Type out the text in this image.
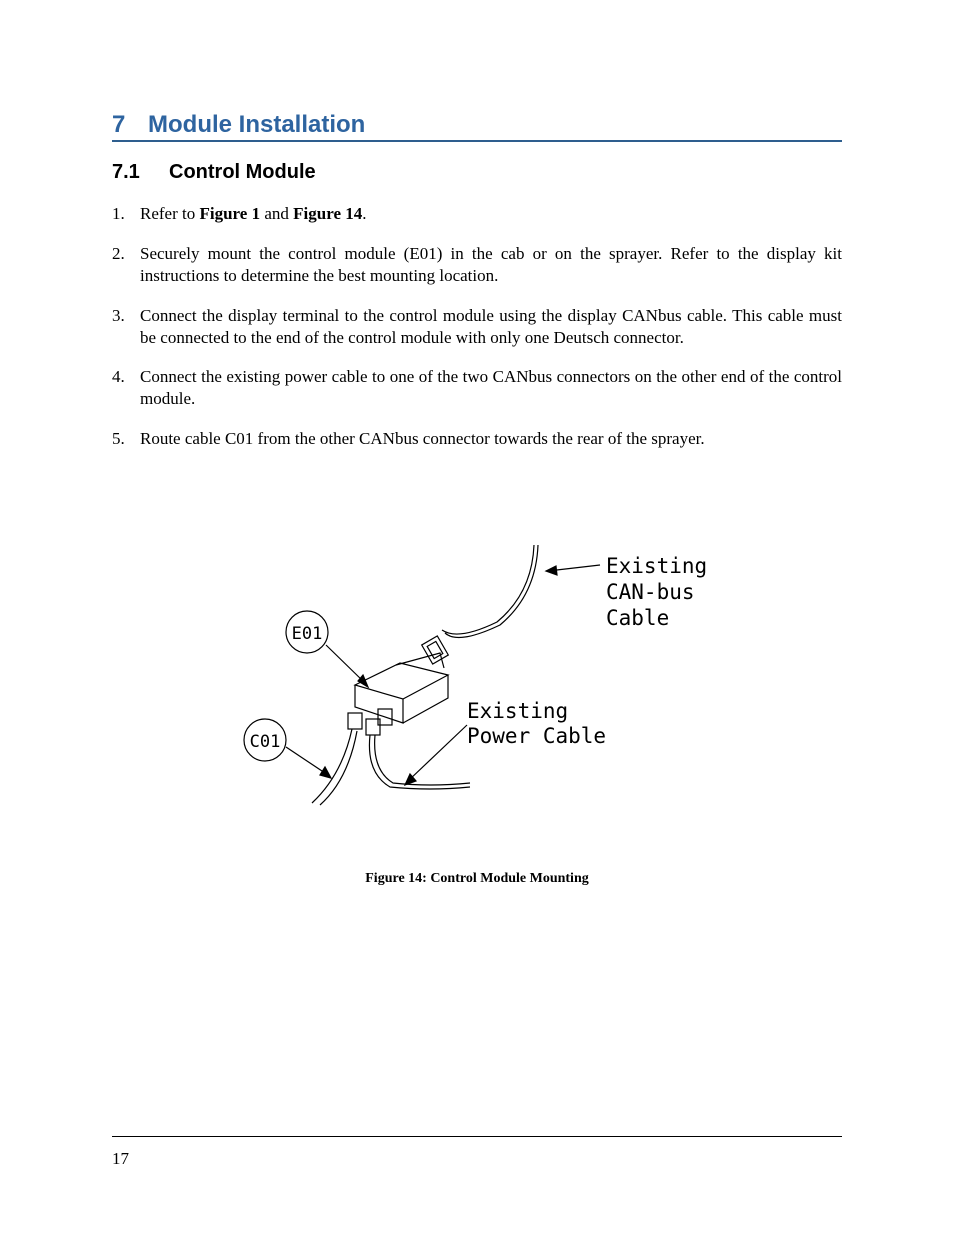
7 Module Installation
7.1 Control Module
1. Refer to Figure 1 and Figure 14.
2. Securely mount the control module (E01) in the cab or on the sprayer. Refer to the display kit instructions to determine the best mounting location.
3. Connect the display terminal to the control module using the display CANbus cable. This cable must be connected to the end of the control module with only one Deutsch connector.
4. Connect the existing power cable to one of the two CANbus connectors on the other end of the control module.
5. Route cable C01 from the other CANbus connector towards the rear of the sprayer.
E01
C01
Existing
CAN-bus
Cable
Existing
Power Cable
Figure 14: Control Module Mounting
17
